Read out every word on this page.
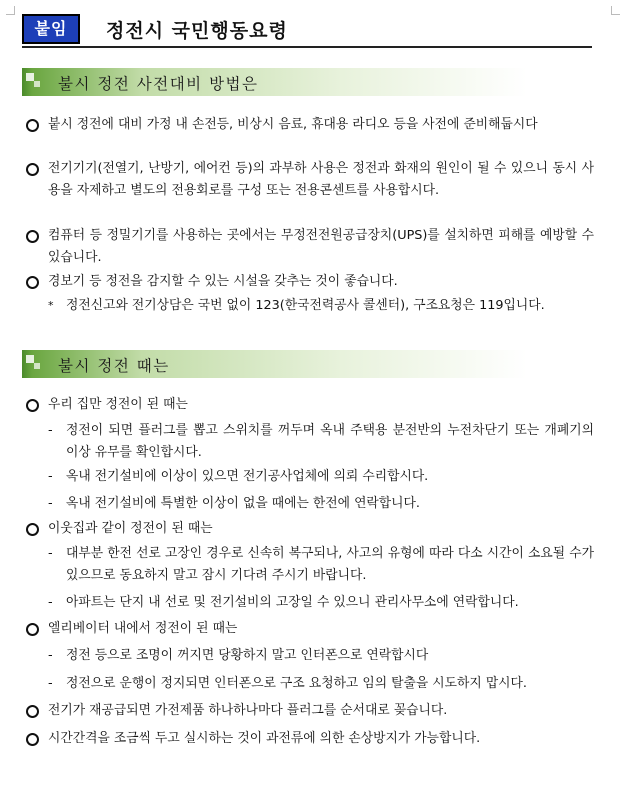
붙임	정전시 국민행동요령
불시 정전 사전대비 방법은
붙시 정전에 대비 가정 내 손전등, 비상시 음료, 휴대용 라디오 등을 사전에 준비해둡시다
전기기기(전열기, 난방기, 에어컨 등)의 과부하 사용은 정전과 화재의 원인이 될 수 있으니 동시 사용을 자제하고 별도의 전용회로를 구성 또는 전용콘센트를 사용합시다.
컴퓨터 등 정밀기기를 사용하는 곳에서는 무정전전원공급장치(UPS)를 설치하면 피해를 예방할 수 있습니다.
경보기 등 정전을 감지할 수 있는 시설을 갖추는 것이 좋습니다.
* 정전신고와 전기상담은 국번 없이 123(한국전력공사 콜센터), 구조요청은 119입니다.
불시 정전 때는
우리 집만 정전이 된 때는
- 정전이 되면 플러그를 뽑고 스위치를 꺼두며 옥내 주택용 분전반의 누전차단기 또는 개폐기의 이상 유무를 확인합시다.
- 옥내 전기설비에 이상이 있으면 전기공사업체에 의뢰 수리합시다.
- 옥내 전기설비에 특별한 이상이 없을 때에는 한전에 연락합니다.
이웃집과 같이 정전이 된 때는
- 대부분 한전 선로 고장인 경우로 신속히 복구되나, 사고의 유형에 따라 다소 시간이 소요될 수가 있으므로 동요하지 말고 잠시 기다려 주시기 바랍니다.
- 아파트는 단지 내 선로 및 전기설비의 고장일 수 있으니 관리사무소에 연락합니다.
엘리베이터 내에서 정전이 된 때는
- 정전 등으로 조명이 꺼지면 당황하지 말고 인터폰으로 연락합시다
- 정전으로 운행이 정지되면 인터폰으로 구조 요청하고 임의 탈출을 시도하지 맙시다.
전기가 재공급되면 가전제품 하나하나마다 플러그를 순서대로 꽂습니다.
시간간격을 조금씩 두고 실시하는 것이 과전류에 의한 손상방지가 가능합니다.
